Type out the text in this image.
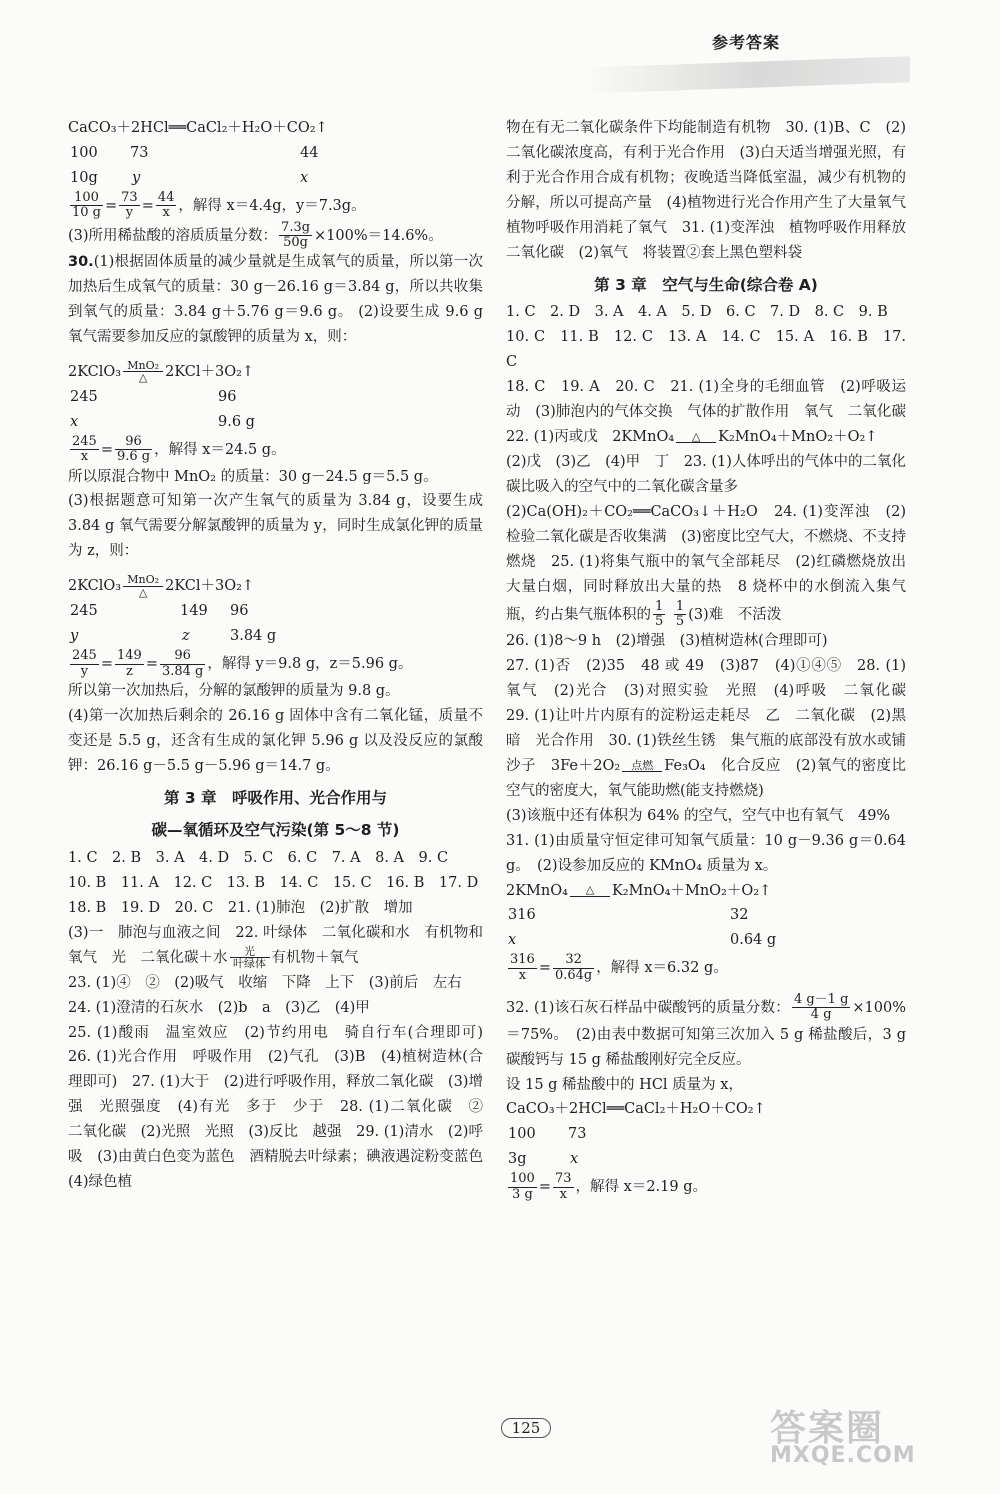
参考答案
CaCO₃＋2HCl══CaCl₂＋H₂O＋CO₂↑
100 73	44
10g y	x
$\frac{100}{10 g} = \frac{73}{y} = \frac{44}{x}$ ，解得 x＝4.4g，y＝7.3g。
(3)所用稀盐酸的溶质质量分数： $\frac{7.3g}{50g} \times 100\%=14.6\%$。

30.(1)根据固体质量的减少量就是生成氧气的质量，所以第一次加热后生成氧气的质量：30 g－26.16 g＝3.84 g，所以共收集到氧气的质量：3.84 g＋5.76 g＝9.6 g。 (2)设要生成 9.6 g 氧气需要参加反应的氯酸钾的质量为 x，则：

2KClO₃ MnO₂
△	2KCl＋3O₂↑
245	96
x	9.6 g
$\frac{245}{x} = \frac{96}{9.6 g}$ ，解得 x＝24.5 g。

所以原混合物中 MnO₂ 的质量：30 g－24.5 g＝5.5 g。

(3)根据题意可知第一次产生氧气的质量为 3.84 g，设要生成 3.84 g 氧气需要分解氯酸钾的质量为 y，同时生成氯化钾的质量为 z，则：

2KClO₃ MnO₂
△	2KCl＋3O₂↑
245	149 96
y	z	3.84 g
$\frac{245}{y} = \frac{149}{z} = \frac{96}{3.84 g}$ ，解得 y＝9.8 g，z＝5.96 g。

所以第一次加热后，分解的氯酸钾的质量为 9.8 g。

(4)第一次加热后剩余的 26.16 g 固体中含有二氧化锰，质量不变还是 5.5 g，还含有生成的氯化钾 5.96 g 以及没反应的氯酸钾：26.16 g－5.5 g－5.96 g＝14.7 g。

第 3 章　呼吸作用、光合作用与
碳—氧循环及空气污染(第 5～8 节)

1. C　2. B　3. A　4. D　5. C　6. C　7. A　8. A　9. C

10. B　11. A　12. C　13. B　14. C　15. C　16. B　17. D

18. B　19. D　20. C　21. (1)肺泡　(2)扩散　增加

(3)一　肺泡与血液之间　22. 叶绿体　二氧化碳和水　有机物和氧气　光　二氧化碳＋水	光
叶绿体 有机物＋氧气

23. (1)④　②　(2)吸气　收缩　下降　上下　(3)前后　左右

24. (1)澄清的石灰水　(2)b　a　(3)乙　(4)甲

25. (1)酸雨　温室效应　(2)节约用电　骑自行车(合理即可)　26. (1)光合作用　呼吸作用　(2)气孔　(3)B　(4)植树造林(合理即可)　27. (1)大于　(2)进行呼吸作用，释放二氧化碳　(3)增强　光照强度　(4)有光　多于　少于　28. (1)二氧化碳　②　二氧化碳　(2)光照　光照　(3)反比　越强　29. (1)清水　(2)呼吸　(3)由黄白色变为蓝色　酒精脱去叶绿素；碘液遇淀粉变蓝色　(4)绿色植

物在有无二氧化碳条件下均能制造有机物　30. (1)B、C　(2)二氧化碳浓度高，有利于光合作用　(3)白天适当增强光照，有利于光合作用合成有机物；夜晚适当降低室温，减少有机物的分解，所以可提高产量　(4)植物进行光合作用产生了大量氧气　植物呼吸作用消耗了氧气　31. (1)变浑浊　植物呼吸作用释放二氧化碳　(2)氧气　将装置②套上黑色塑料袋

第 3 章　空气与生命(综合卷 A)

1. C　2. D　3. A　4. A　5. D　6. C　7. D　8. C　9. B

10. C　11. B　12. C　13. A　14. C　15. A　16. B　17. C

18. C　19. A　20. C　21. (1)全身的毛细血管　(2)呼吸运动　(3)肺泡内的气体交换　气体的扩散作用　氧气　二氧化碳　22. (1)丙或戊　2KMnO₄	△	K₂MnO₄＋MnO₂＋O₂↑

(2)戊　(3)乙　(4)甲　丁　23. (1)人体呼出的气体中的二氧化碳比吸入的空气中的二氧化碳含量多

(2)Ca(OH)₂＋CO₂══CaCO₃↓＋H₂O　24. (1)变浑浊　(2)检验二氧化碳是否收集满　(3)密度比空气大，不燃烧、不支持燃烧　25. (1)将集气瓶中的氧气全部耗尽　(2)红磷燃烧放出大量白烟，同时释放出大量的热　8 烧杯中的水倒流入集气瓶，约占集气瓶体积的 $\frac{1}{5}$
$\frac{1}{5} (3)$难　不活泼

26. (1)8～9 h　(2)增强　(3)植树造林(合理即可)

27. (1)否　(2)35　48 或 49　(3)87　(4)①④⑤　28. (1)氧气　(2)光合　(3)对照实验　光照　(4)呼吸　二氧化碳　29. (1)让叶片内原有的淀粉运走耗尽　乙　二氧化碳　(2)黑暗　光合作用　30. (1)铁丝生锈　集气瓶的底部没有放水或铺沙子　3Fe＋2O₂	点燃 Fe₃O₄　化合反应　(2)氧气的密度比空气的密度大，氧气能助燃(能支持燃烧)

(3)该瓶中还有体积为 64% 的空气，空气中也有氧气　49%

31. (1)由质量守恒定律可知氧气质量：10 g－9.36 g＝0.64 g。　(2)设参加反应的 KMnO₄ 质量为 x。

2KMnO₄	△	K₂MnO₄＋MnO₂＋O₂↑
316	32
x	0.64 g
$\frac{316}{x} = \frac{32}{0.64g}$ ，解得 x＝6.32 g。

32. (1)该石灰石样品中碳酸钙的质量分数： $\frac{4 g-1 g}{4 g} \times 100\%=75\%$。　(2)由表中数据可知第三次加入 5 g 稀盐酸后，3 g 碳酸钙与 15 g 稀盐酸刚好完全反应。

设 15 g 稀盐酸中的 HCl 质量为 x，

CaCO₃＋2HCl══CaCl₂＋H₂O＋CO₂↑
100 73
3g	x
$\frac{100}{3 g} = \frac{73}{x}$ ，解得 x＝2.19 g。
125	答案圈
MXQE.COM
